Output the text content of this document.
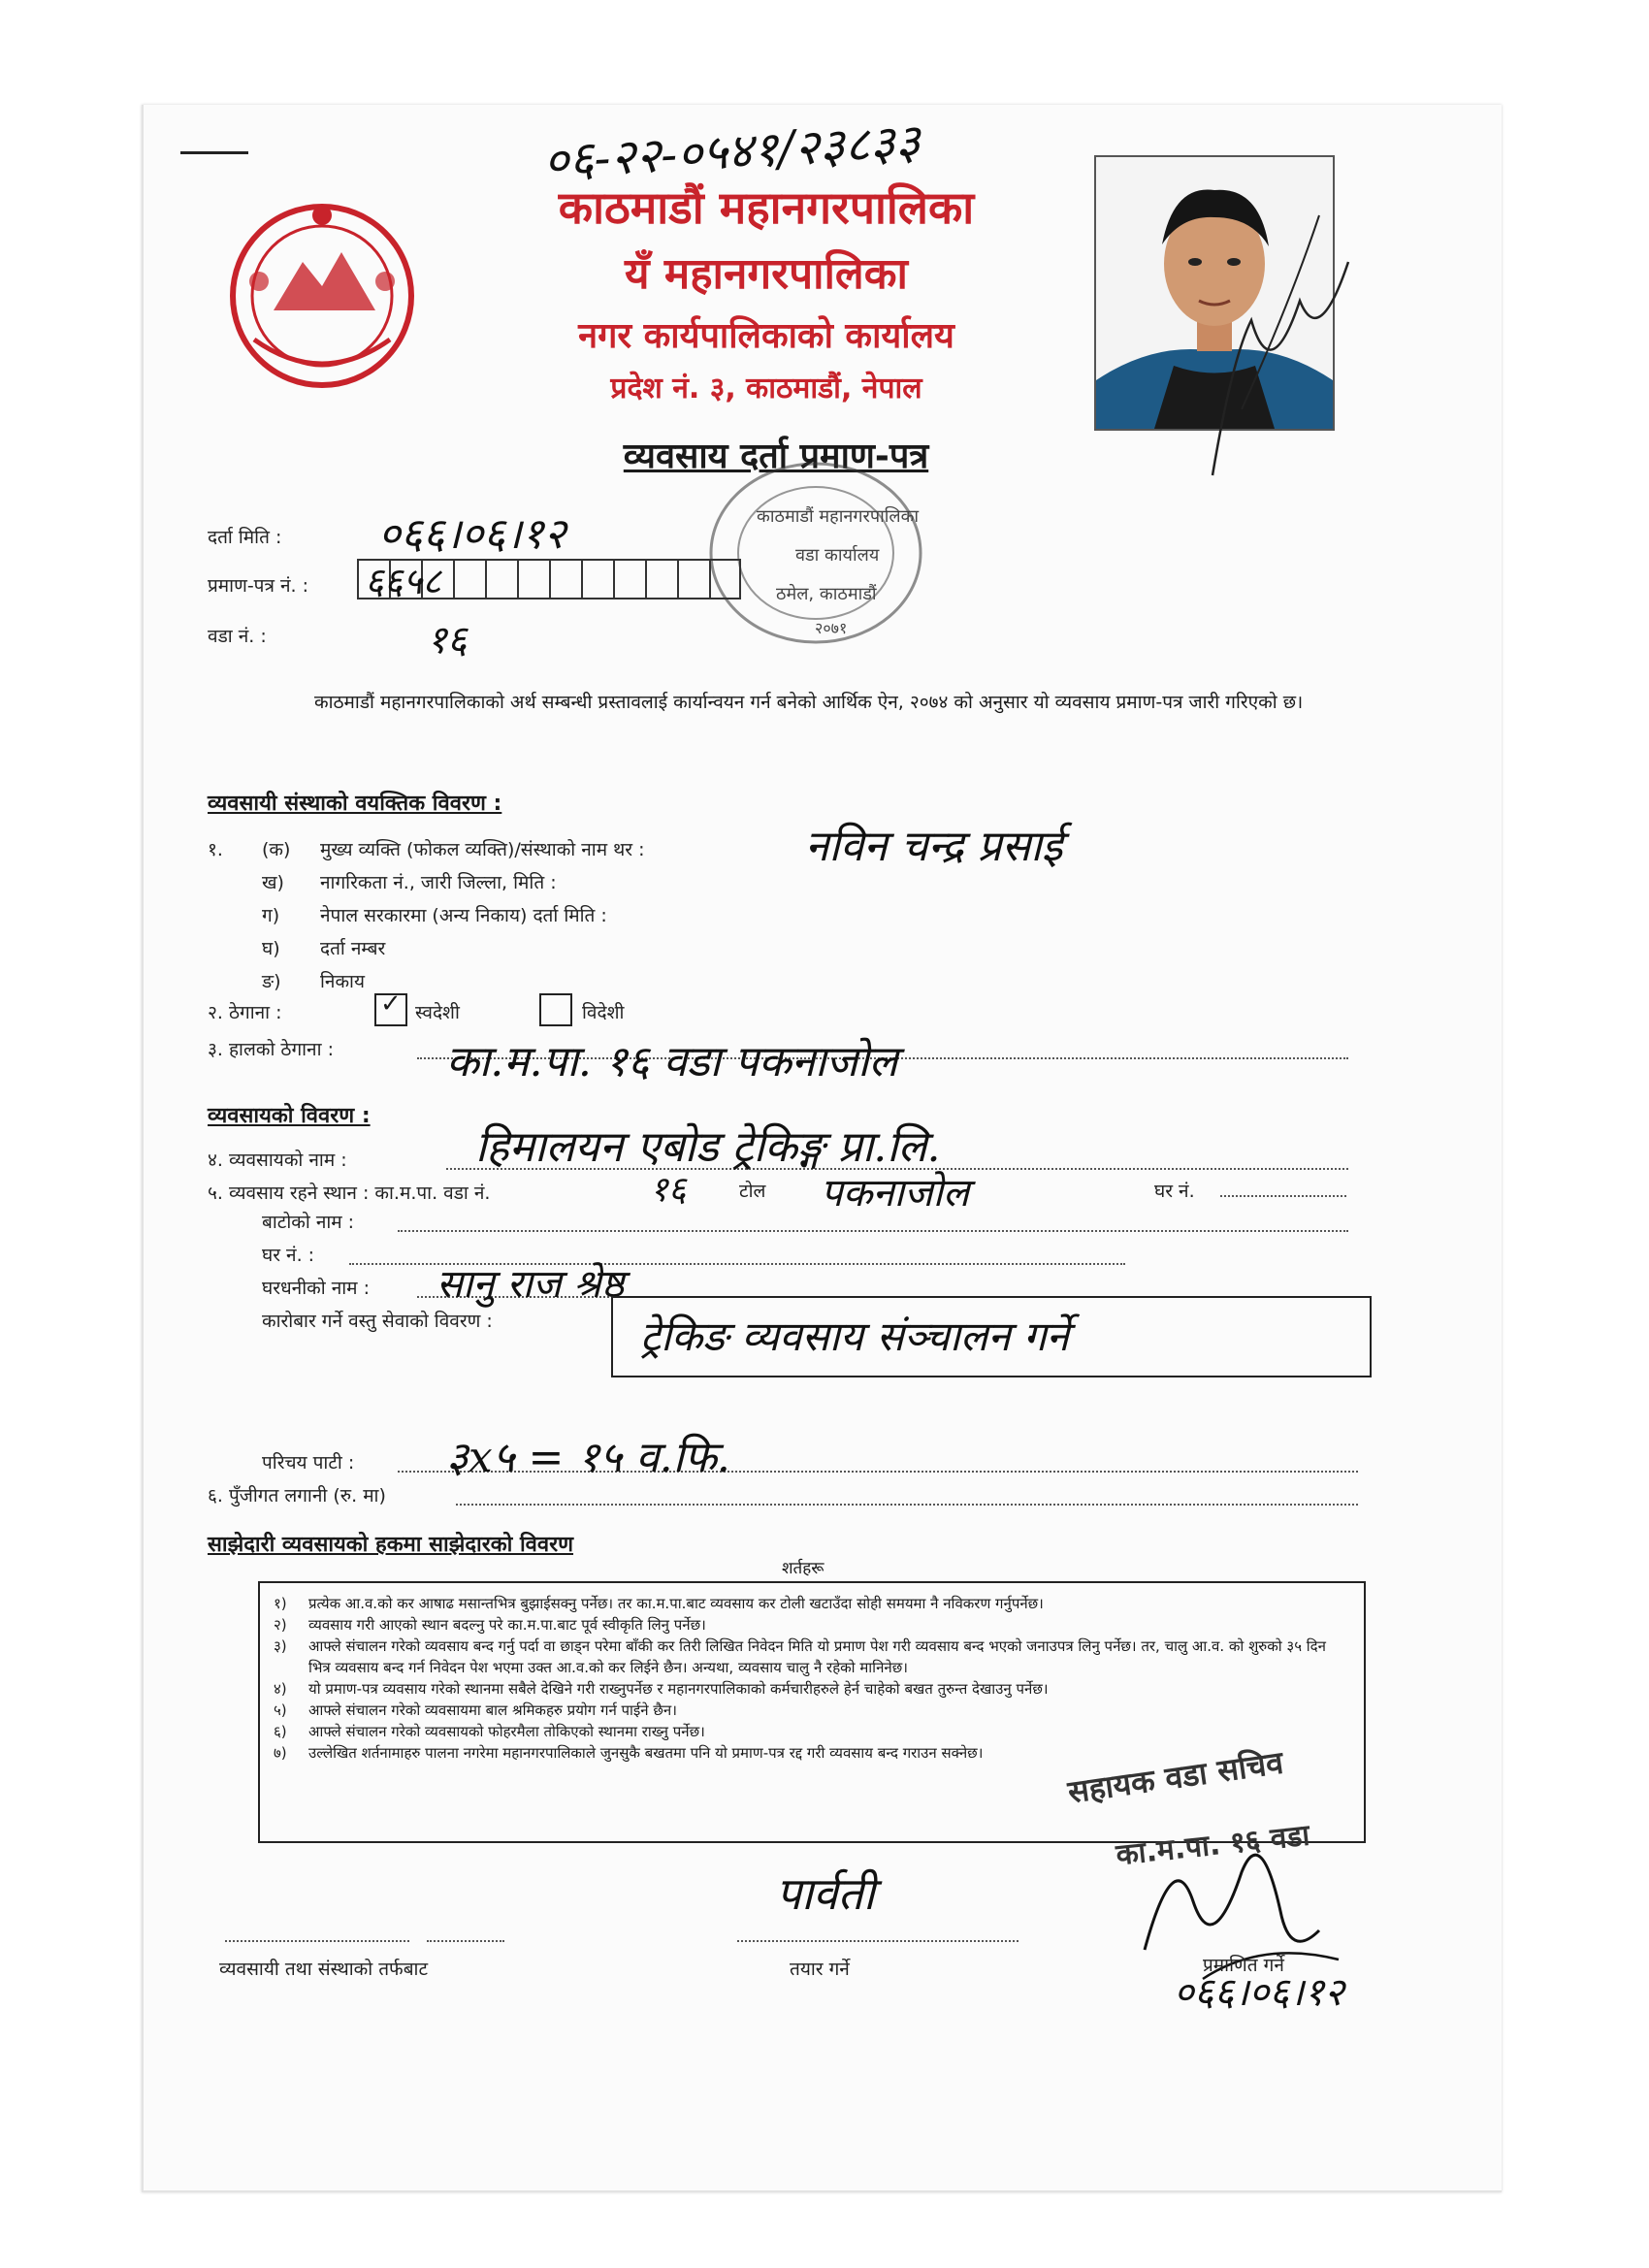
०६-२२-०५४१/२३८३३
काठमाडौं महानगरपालिका
यँ महानगरपालिका
नगर कार्यपालिकाको कार्यालय
प्रदेश नं. ३, काठमाडौं, नेपाल
व्यवसाय दर्ता प्रमाण-पत्र
काठमाडौं महानगरपालिका
वडा कार्यालय
ठमेल, काठमाडौं
२०७१
दर्ता मिति : ०६६।०६।१२
प्रमाण-पत्र नं. : ६६५८
वडा नं. :	१६
काठमाडौं महानगरपालिकाको अर्थ सम्बन्धी प्रस्तावलाई कार्यान्वयन गर्न बनेको आर्थिक ऐन, २०७४ को अनुसार यो व्यवसाय प्रमाण-पत्र जारी गरिएको छ।
व्यवसायी संस्थाको वयक्तिक विवरण :
१. (क) मुख्य व्यक्ति (फोकल व्यक्ति)/संस्थाको नाम थर :	नविन चन्द्र प्रसाई
ख) नागरिकता नं., जारी जिल्ला, मिति :
ग) नेपाल सरकारमा (अन्य निकाय) दर्ता मिति :
घ) दर्ता नम्बर
ङ) निकाय
२. ठेगाना :	✓ स्वदेशी	विदेशी
३. हालको ठेगाना :	का.म.पा. १६ वडा पकनाजोल
व्यवसायको विवरण :
४. व्यवसायको नाम :	हिमालयन एबोड ट्रेकिङ्ग प्रा.लि.
५. व्यवसाय रहने स्थान : का.म.पा. वडा नं.	१६	टोल पकनाजोल	घर नं.
बाटोको नाम :
घर नं. :
घरधनीको नाम : सानु राज श्रेष्ठ
कारोबार गर्ने वस्तु सेवाको विवरण :	ट्रेकिङ व्यवसाय संञ्चालन गर्ने
परिचय पाटी : ३x५ = १५ व.फि.
६. पुँजीगत लगानी (रु. मा)
साझेदारी व्यवसायको हकमा साझेदारको विवरण
शर्तहरू
१)	प्रत्येक आ.व.को कर आषाढ मसान्तभित्र बुझाईसक्नु पर्नेछ। तर का.म.पा.बाट व्यवसाय कर टोली खटाउँदा सोही समयमा नै नविकरण गर्नुपर्नेछ।
२)	व्यवसाय गरी आएको स्थान बदल्नु परे का.म.पा.बाट पूर्व स्वीकृति लिनु पर्नेछ।
३)	आफ्ले संचालन गरेको व्यवसाय बन्द गर्नु पर्दा वा छाड्न परेमा बाँकी कर तिरी लिखित निवेदन मिति यो प्रमाण पेश गरी व्यवसाय बन्द भएको जनाउपत्र लिनु पर्नेछ। तर, चालु आ.व. को शुरुको ३५ दिन भित्र व्यवसाय बन्द गर्न निवेदन पेश भएमा उक्त आ.व.को कर लिईने छैन। अन्यथा, व्यवसाय चालु नै रहेको मानिनेछ।
४)	यो प्रमाण-पत्र व्यवसाय गरेको स्थानमा सबैले देखिने गरी राख्नुपर्नेछ र महानगरपालिकाको कर्मचारीहरुले हेर्न चाहेको बखत तुरुन्त देखाउनु पर्नेछ।
५)	आफ्ले संचालन गरेको व्यवसायमा बाल श्रमिकहरु प्रयोग गर्न पाईने छैन।
६)	आफ्ले संचालन गरेको व्यवसायको फोहरमैला तोकिएको स्थानमा राख्नु पर्नेछ।
७)	उल्लेखित शर्तनामाहरु पालना नगरेमा महानगरपालिकाले जुनसुकै बखतमा पनि यो प्रमाण-पत्र रद्द गरी व्यवसाय बन्द गराउन सक्नेछ।	सहायक वडा सचिव
का.म.पा. १६ वडा
पार्वती
व्यवसायी तथा संस्थाको तर्फबाट	तयार गर्ने	प्रमाणित गर्ने
०६६।०६।१२
